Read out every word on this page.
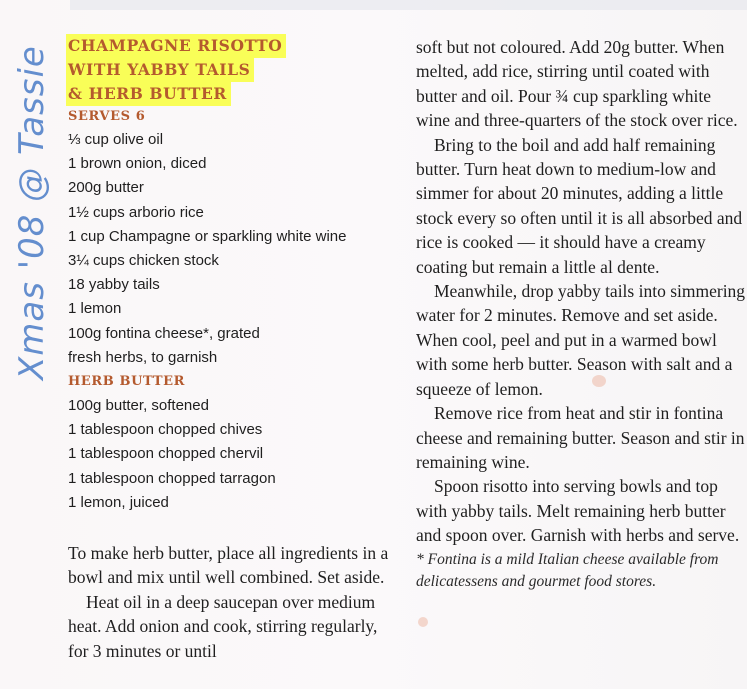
Xmas '08 @ Tassie CHAMPAGNE RISOTTO
WITH YABBY TAILS
& HERB BUTTER
SERVES 6
⅓ cup olive oil
1 brown onion, diced
200g butter
1½ cups arborio rice
1 cup Champagne or sparkling white wine
3¼ cups chicken stock
18 yabby tails
1 lemon
100g fontina cheese*, grated
fresh herbs, to garnish
HERB BUTTER
100g butter, softened
1 tablespoon chopped chives
1 tablespoon chopped chervil
1 tablespoon chopped tarragon
1 lemon, juiced

To make herb butter, place all ingredients in a bowl and mix until well combined. Set aside.

Heat oil in a deep saucepan over medium heat. Add onion and cook, stirring regularly, for 3 minutes or until

soft but not coloured. Add 20g butter. When melted, add rice, stirring until coated with butter and oil. Pour ¾ cup sparkling white wine and three-quarters of the stock over rice.

Bring to the boil and add half remaining butter. Turn heat down to medium-low and simmer for about 20 minutes, adding a little stock every so often until it is all absorbed and rice is cooked — it should have a creamy coating but remain a little al dente.

Meanwhile, drop yabby tails into simmering water for 2 minutes. Remove and set aside. When cool, peel and put in a warmed bowl with some herb butter. Season with salt and a squeeze of lemon.

Remove rice from heat and stir in fontina cheese and remaining butter. Season and stir in remaining wine.

Spoon risotto into serving bowls and top with yabby tails. Melt remaining herb butter and spoon over. Garnish with herbs and serve.

* Fontina is a mild Italian cheese available from delicatessens and gourmet food stores.
